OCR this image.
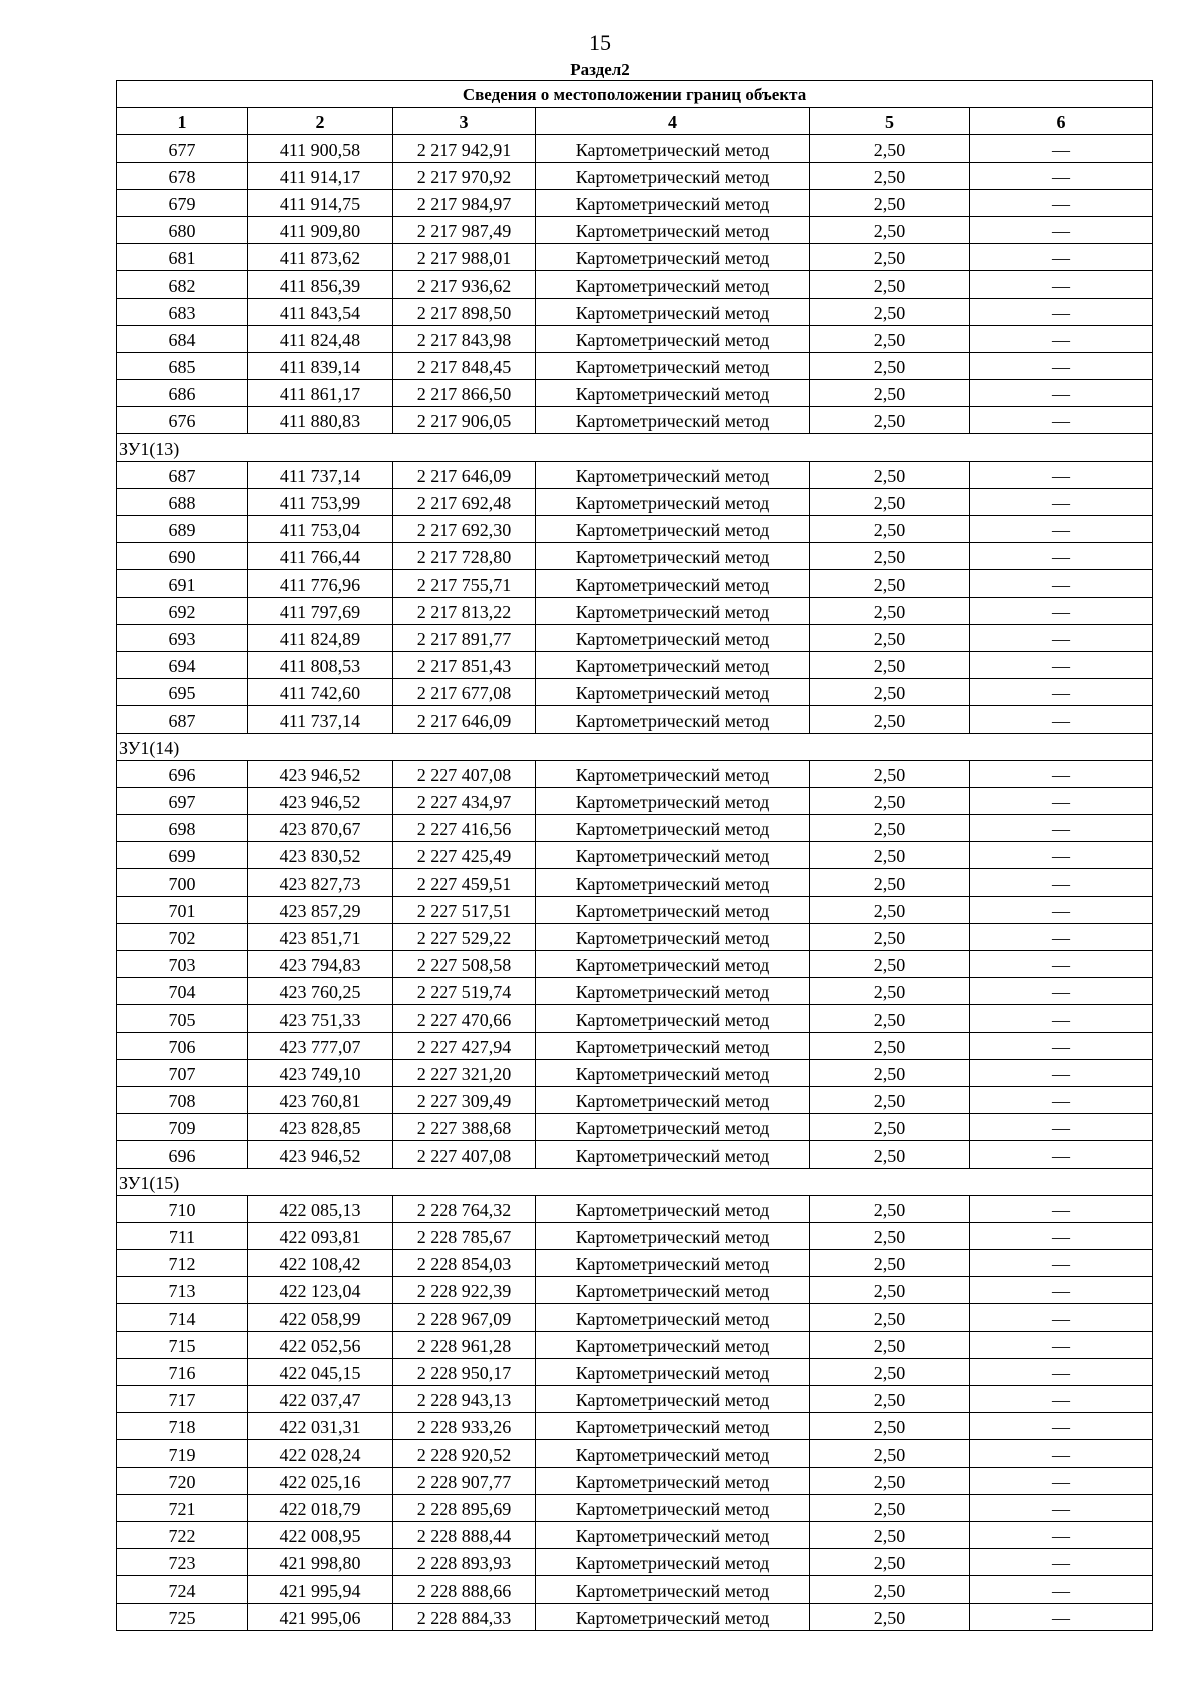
15
Раздел2
Сведения о местоположении границ объекта					
1	2	3	4	5	6
677	411 900,58	2 217 942,91	Картометрический метод	2,50	—
678	411 914,17	2 217 970,92	Картометрический метод	2,50	—
679	411 914,75	2 217 984,97	Картометрический метод	2,50	—
680	411 909,80	2 217 987,49	Картометрический метод	2,50	—
681	411 873,62	2 217 988,01	Картометрический метод	2,50	—
682	411 856,39	2 217 936,62	Картометрический метод	2,50	—
683	411 843,54	2 217 898,50	Картометрический метод	2,50	—
684	411 824,48	2 217 843,98	Картометрический метод	2,50	—
685	411 839,14	2 217 848,45	Картометрический метод	2,50	—
686	411 861,17	2 217 866,50	Картометрический метод	2,50	—
676	411 880,83	2 217 906,05	Картометрический метод	2,50	—
ЗУ1(13)					
687	411 737,14	2 217 646,09	Картометрический метод	2,50	—
688	411 753,99	2 217 692,48	Картометрический метод	2,50	—
689	411 753,04	2 217 692,30	Картометрический метод	2,50	—
690	411 766,44	2 217 728,80	Картометрический метод	2,50	—
691	411 776,96	2 217 755,71	Картометрический метод	2,50	—
692	411 797,69	2 217 813,22	Картометрический метод	2,50	—
693	411 824,89	2 217 891,77	Картометрический метод	2,50	—
694	411 808,53	2 217 851,43	Картометрический метод	2,50	—
695	411 742,60	2 217 677,08	Картометрический метод	2,50	—
687	411 737,14	2 217 646,09	Картометрический метод	2,50	—
ЗУ1(14)					
696	423 946,52	2 227 407,08	Картометрический метод	2,50	—
697	423 946,52	2 227 434,97	Картометрический метод	2,50	—
698	423 870,67	2 227 416,56	Картометрический метод	2,50	—
699	423 830,52	2 227 425,49	Картометрический метод	2,50	—
700	423 827,73	2 227 459,51	Картометрический метод	2,50	—
701	423 857,29	2 227 517,51	Картометрический метод	2,50	—
702	423 851,71	2 227 529,22	Картометрический метод	2,50	—
703	423 794,83	2 227 508,58	Картометрический метод	2,50	—
704	423 760,25	2 227 519,74	Картометрический метод	2,50	—
705	423 751,33	2 227 470,66	Картометрический метод	2,50	—
706	423 777,07	2 227 427,94	Картометрический метод	2,50	—
707	423 749,10	2 227 321,20	Картометрический метод	2,50	—
708	423 760,81	2 227 309,49	Картометрический метод	2,50	—
709	423 828,85	2 227 388,68	Картометрический метод	2,50	—
696	423 946,52	2 227 407,08	Картометрический метод	2,50	—
ЗУ1(15)					
710	422 085,13	2 228 764,32	Картометрический метод	2,50	—
711	422 093,81	2 228 785,67	Картометрический метод	2,50	—
712	422 108,42	2 228 854,03	Картометрический метод	2,50	—
713	422 123,04	2 228 922,39	Картометрический метод	2,50	—
714	422 058,99	2 228 967,09	Картометрический метод	2,50	—
715	422 052,56	2 228 961,28	Картометрический метод	2,50	—
716	422 045,15	2 228 950,17	Картометрический метод	2,50	—
717	422 037,47	2 228 943,13	Картометрический метод	2,50	—
718	422 031,31	2 228 933,26	Картометрический метод	2,50	—
719	422 028,24	2 228 920,52	Картометрический метод	2,50	—
720	422 025,16	2 228 907,77	Картометрический метод	2,50	—
721	422 018,79	2 228 895,69	Картометрический метод	2,50	—
722	422 008,95	2 228 888,44	Картометрический метод	2,50	—
723	421 998,80	2 228 893,93	Картометрический метод	2,50	—
724	421 995,94	2 228 888,66	Картометрический метод	2,50	—
725	421 995,06	2 228 884,33	Картометрический метод	2,50	—
